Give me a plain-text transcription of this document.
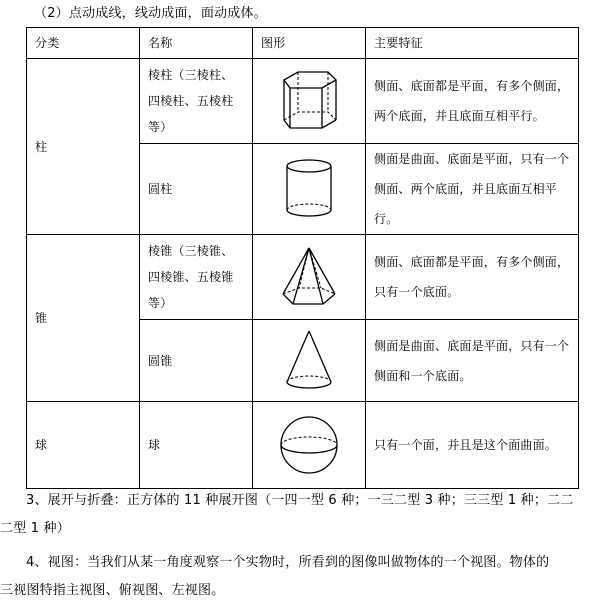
（2）点动成线，线动成面，面动成体。
分类	名称	图形	主要特征
柱	棱柱（三棱柱、四棱柱、五棱柱等）		侧面、底面都是平面，有多个侧面，两个底面，并且底面互相平行。

	圆柱		侧面是曲面、底面是平面，只有一个侧面、两个底面，并且底面互相平行。

锥	棱锥（三棱锥、四棱锥、五棱锥等）		侧面、底面都是平面，有多个侧面，只有一个底面。

	圆锥		侧面是曲面、底面是平面，只有一个侧面和一个底面。

球	球		只有一个面，并且是这个面曲面。
3、展开与折叠：正方体的 11 种展开图（一四一型 6 种；一三二型 3 种；三三型 1 种；二二
二型 1 种）
4、视图：当我们从某一角度观察一个实物时，所看到的图像叫做物体的一个视图。物体的
三视图特指主视图、俯视图、左视图。
